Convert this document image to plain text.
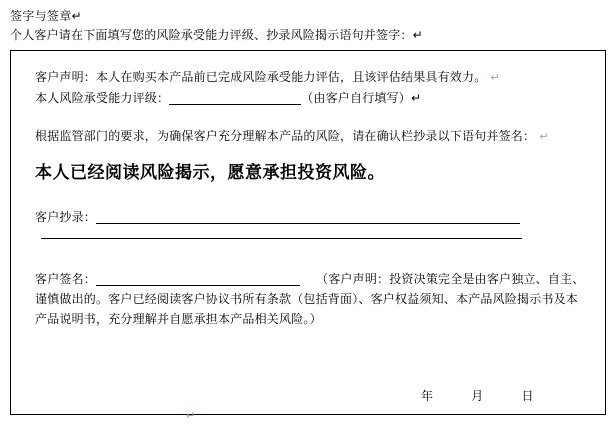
签字与签章↵
个人客户请在下面填写您的风险承受能力评级、抄录风险揭示语句并签字：↵
客户声明：本人在购买本产品前已完成风险承受能力评估，且该评估结果具有效力。 ↵
本人风险承受能力评级：	（由客户自行填写）↵
根据监管部门的要求，为确保客户充分理解本产品的风险，请在确认栏抄录以下语句并签名： ↵
本人已经阅读风险揭示，愿意承担投资风险。
客户抄录：
客户签名：	（客户声明：投资决策完全是由客户独立、自主、谨慎做出的。客户已经阅读客户协议书所有条款（包括背面）、客户权益须知、本产品风险揭示书及本产品说明书，充分理解并自愿承担本产品相关风险。）
↵
年	月	日
